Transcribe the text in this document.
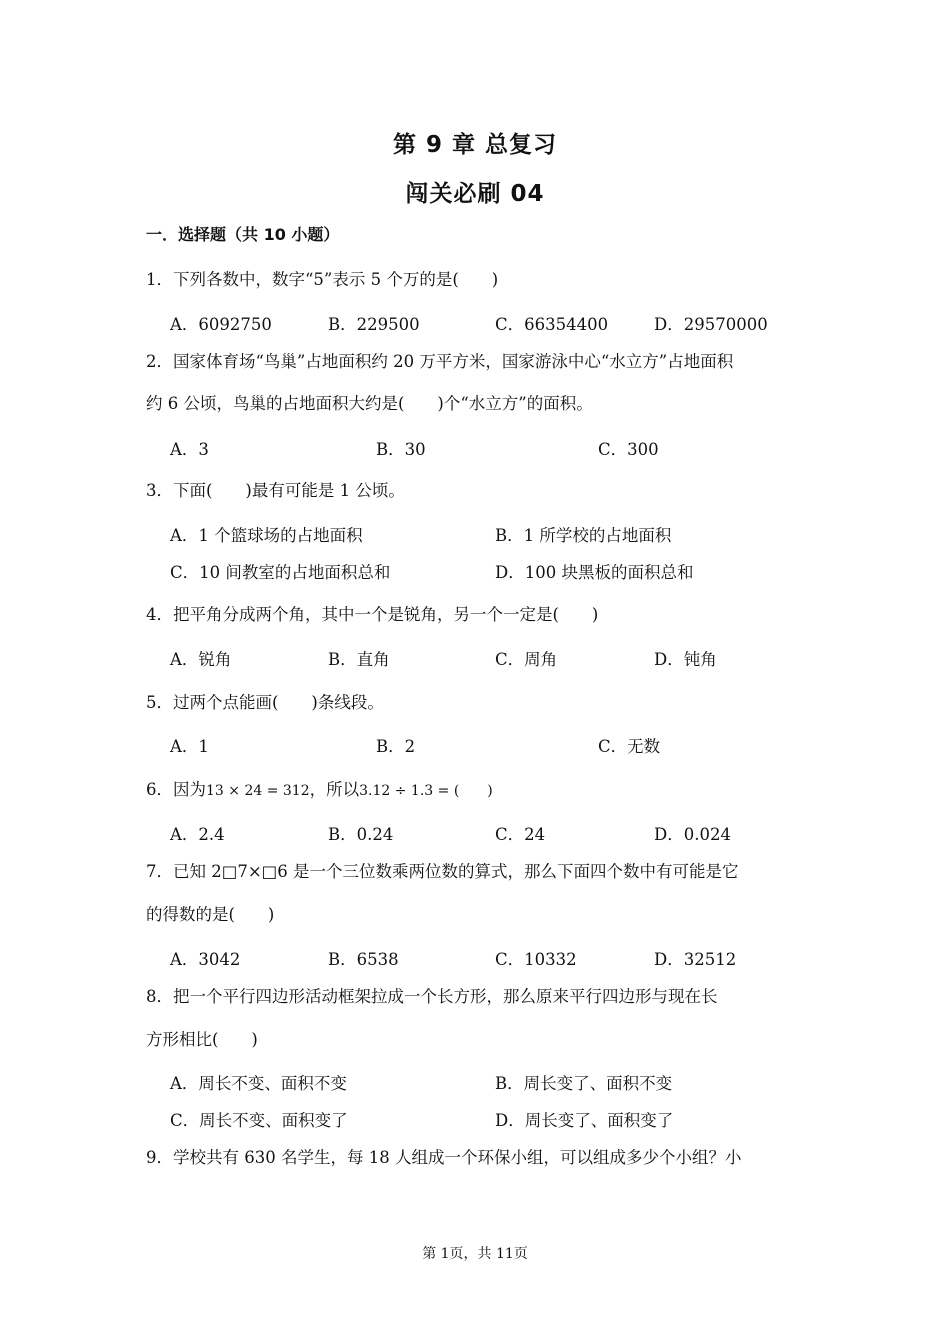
第 9 章 总复习
闯关必刷 04
一．选择题（共 10 小题）
1．下列各数中，数字“5”表示 5 个万的是(　　)
A．6092750	B．229500	C．66354400	D．29570000
2．国家体育场“鸟巢”占地面积约 20 万平方米，国家游泳中心“水立方”占地面积
约 6 公顷，鸟巢的占地面积大约是(　　)个“水立方”的面积。
A．3	B．30	C．300
3．下面(　　)最有可能是 1 公顷。
A．1 个篮球场的占地面积	B．1 所学校的占地面积
C．10 间教室的占地面积总和	D．100 块黑板的面积总和
4．把平角分成两个角，其中一个是锐角，另一个一定是(　　)
A．锐角	B．直角	C．周角	D．钝角
5．过两个点能画(　　)条线段。
A．1	B．2	C．无数
6．因为13 × 24 = 312，所以3.12 ÷ 1.3 = (　　)
A．2.4	B．0.24	C．24	D．0.024
7．已知 2□7×□6 是一个三位数乘两位数的算式，那么下面四个数中有可能是它
的得数的是(　　)
A．3042	B．6538	C．10332	D．32512
8．把一个平行四边形活动框架拉成一个长方形，那么原来平行四边形与现在长
方形相比(　　)
A．周长不变、面积不变	B．周长变了、面积不变
C．周长不变、面积变了	D．周长变了、面积变了
9．学校共有 630 名学生，每 18 人组成一个环保小组，可以组成多少个小组？小
第 1页，共 11页
